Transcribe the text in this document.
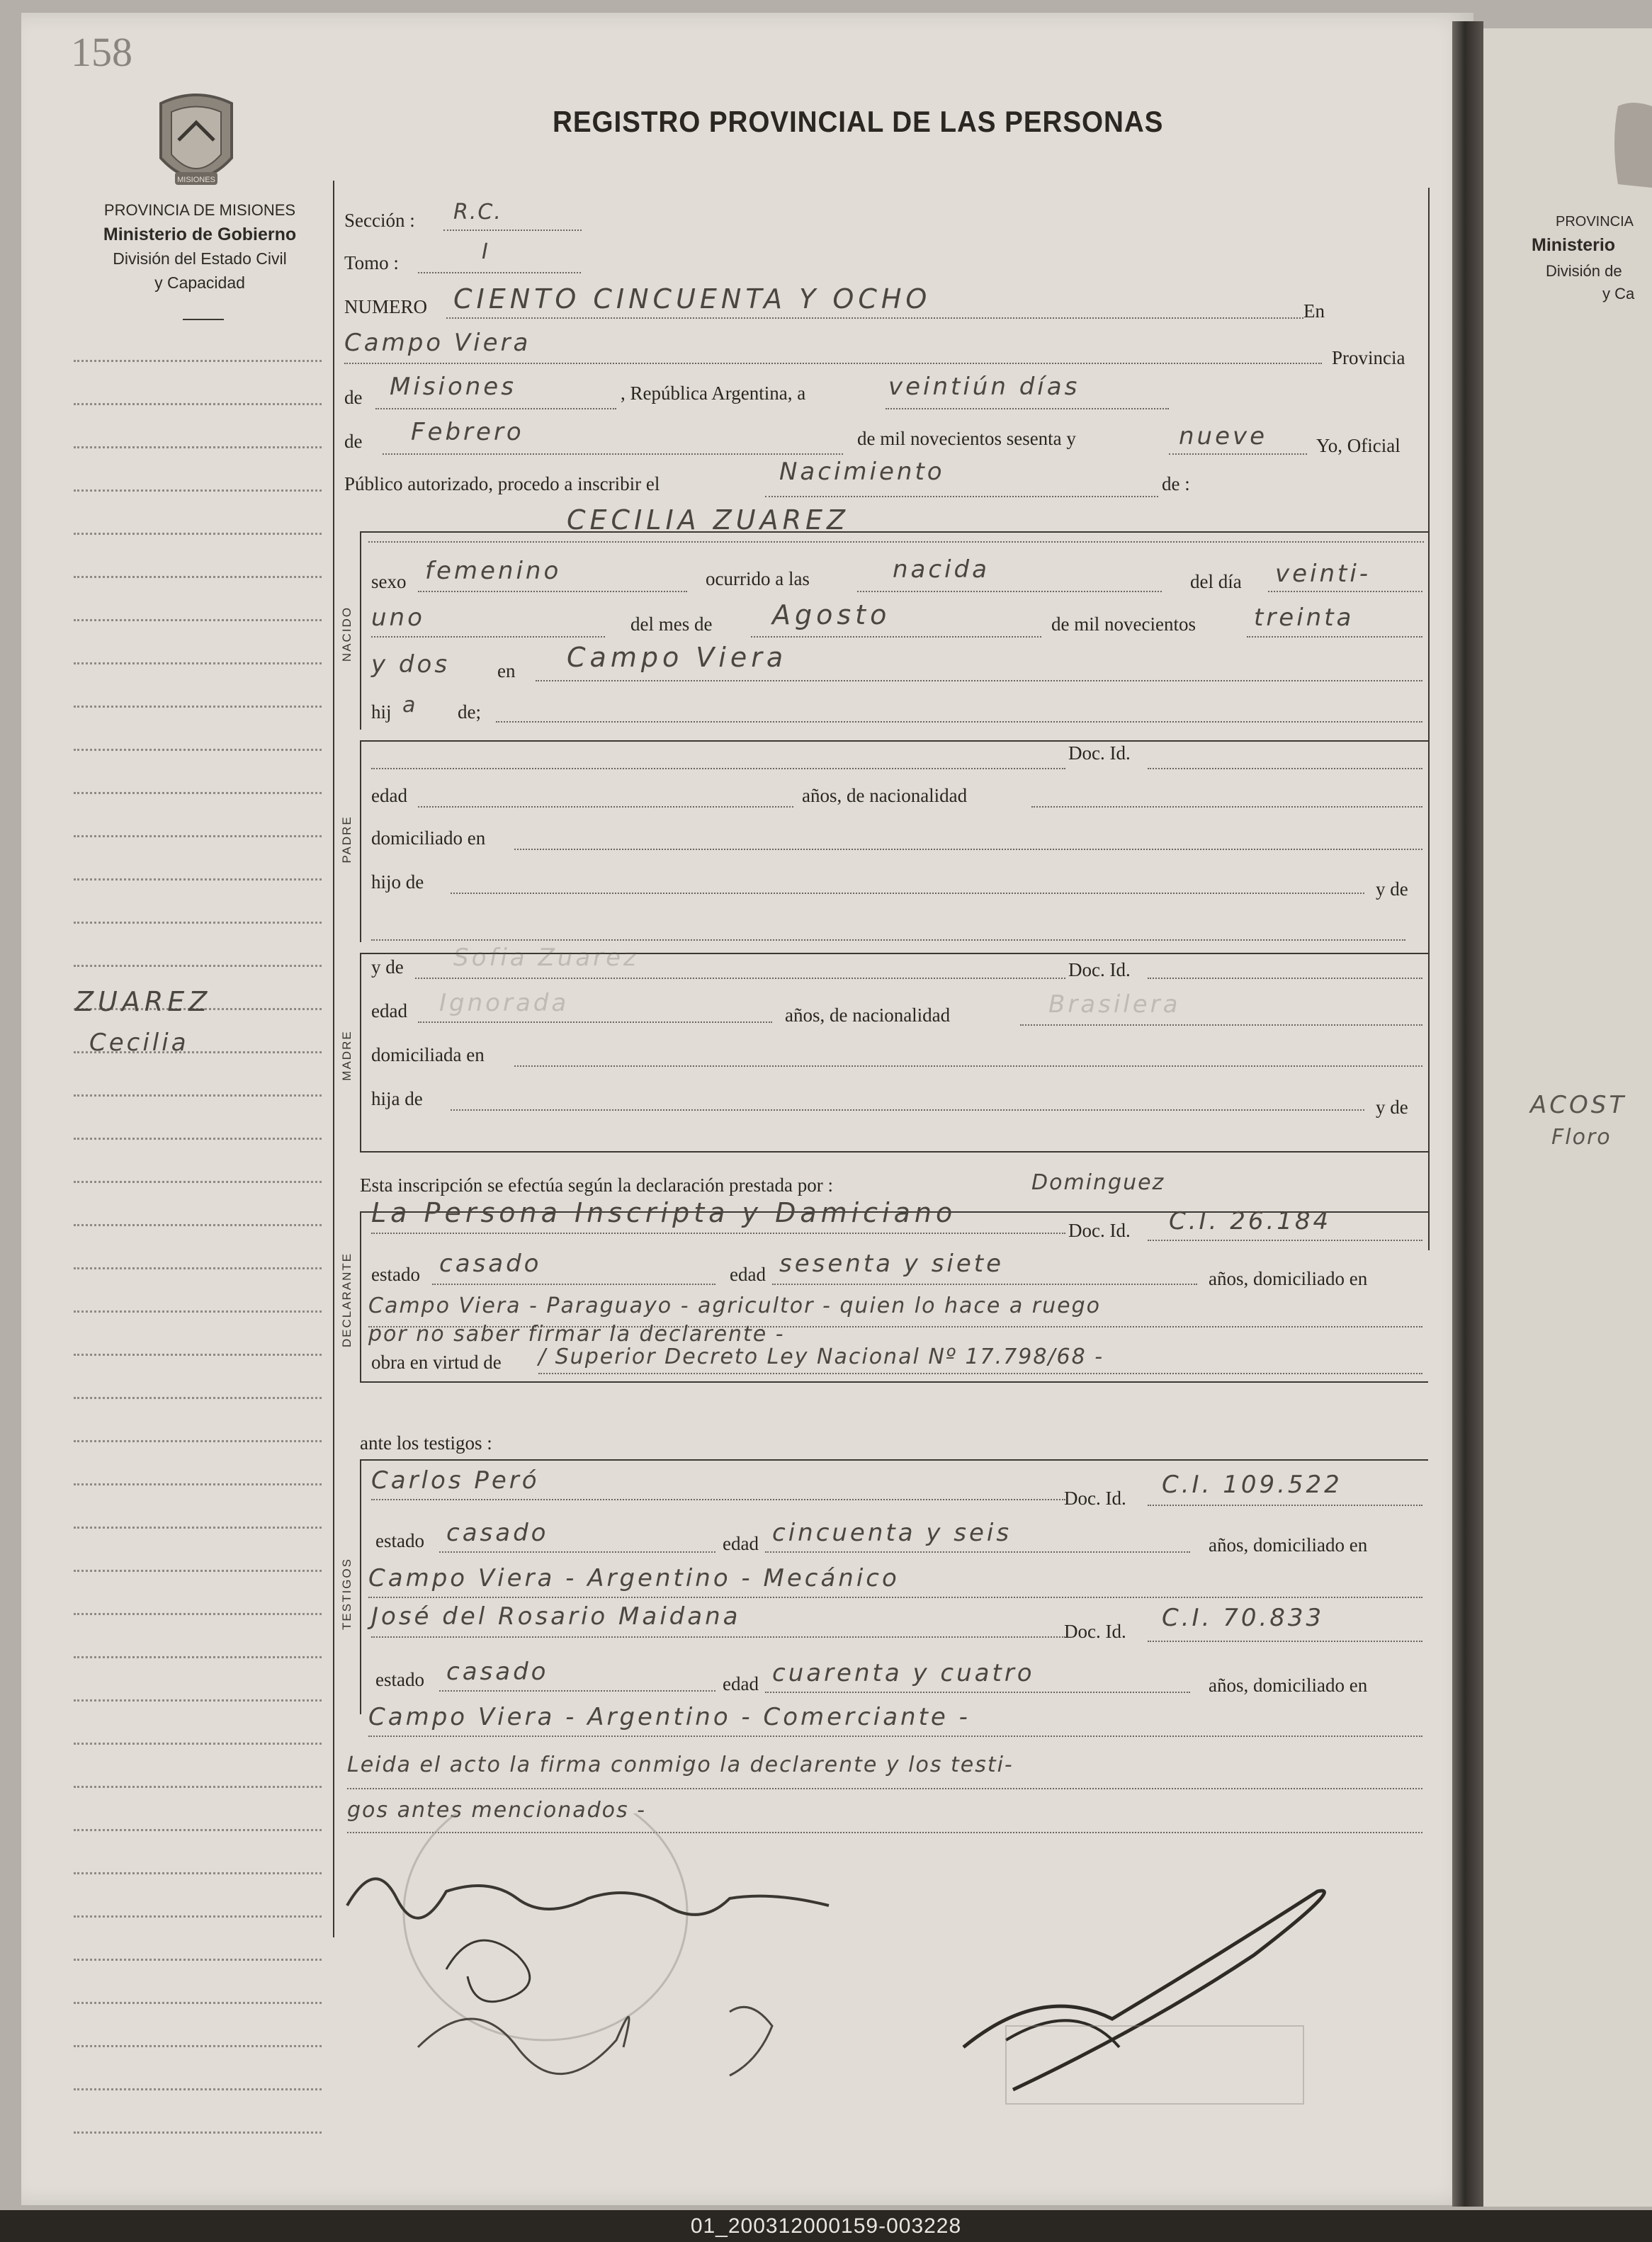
PROVINCIA
Ministerio
División de
y Ca
ACOST
Floro
158
MISIONES
REGISTRO PROVINCIAL DE LAS PERSONAS
PROVINCIA DE MISIONES
Ministerio de Gobierno
División del Estado Civil
y Capacidad
NACIDO
PADRE
MADRE
DECLARANTE
TESTIGOS
Sección : R.C.
Tomo :	I
NUMERO CIENTO CINCUENTA Y OCHO	En
Campo Viera
Provincia
de Misiones	, República Argentina, a	veintiún días
de Febrero	de mil novecientos sesenta y	nueve	Yo, Oficial
Público autorizado, procedo a inscribir el	Nacimiento	de :
CECILIA ZUAREZ
sexo femenino	ocurrido a las	nacida	del día veinti-
uno	del mes de Agosto	de mil novecientos treinta
y dos en Campo Viera
hij a de;
Doc. Id.
edad	años, de nacionalidad
domiciliado en
hijo de	y de
y de Sofia Zuarez	Doc. Id.
edad Ignorada	años, de nacionalidad	Brasilera
domiciliada en
hija de	y de
ZUAREZ
Cecilia
Esta inscripción se efectúa según la declaración prestada por :	Dominguez
La Persona Inscripta y Damiciano
Doc. Id. C.I. 26.184
estado casado	edad sesenta y siete
años, domiciliado en
Campo Viera - Paraguayo - agricultor - quien lo hace a ruego
por no saber firmar la declarente -
obra en virtud de / Superior Decreto Ley Nacional Nº 17.798/68 -
ante los testigos :
Carlos Peró
Doc. Id. C.I. 109.522
estado casado	edad cincuenta y seis	años, domiciliado en
Campo Viera - Argentino - Mecánico
José del Rosario Maidana
Doc. Id. C.I. 70.833
estado casado	edad cuarenta y cuatro	años, domiciliado en
Campo Viera - Argentino - Comerciante -
Leida el acto la firma conmigo la declarente y los testi-
gos antes mencionados -
01_200312000159-003228
